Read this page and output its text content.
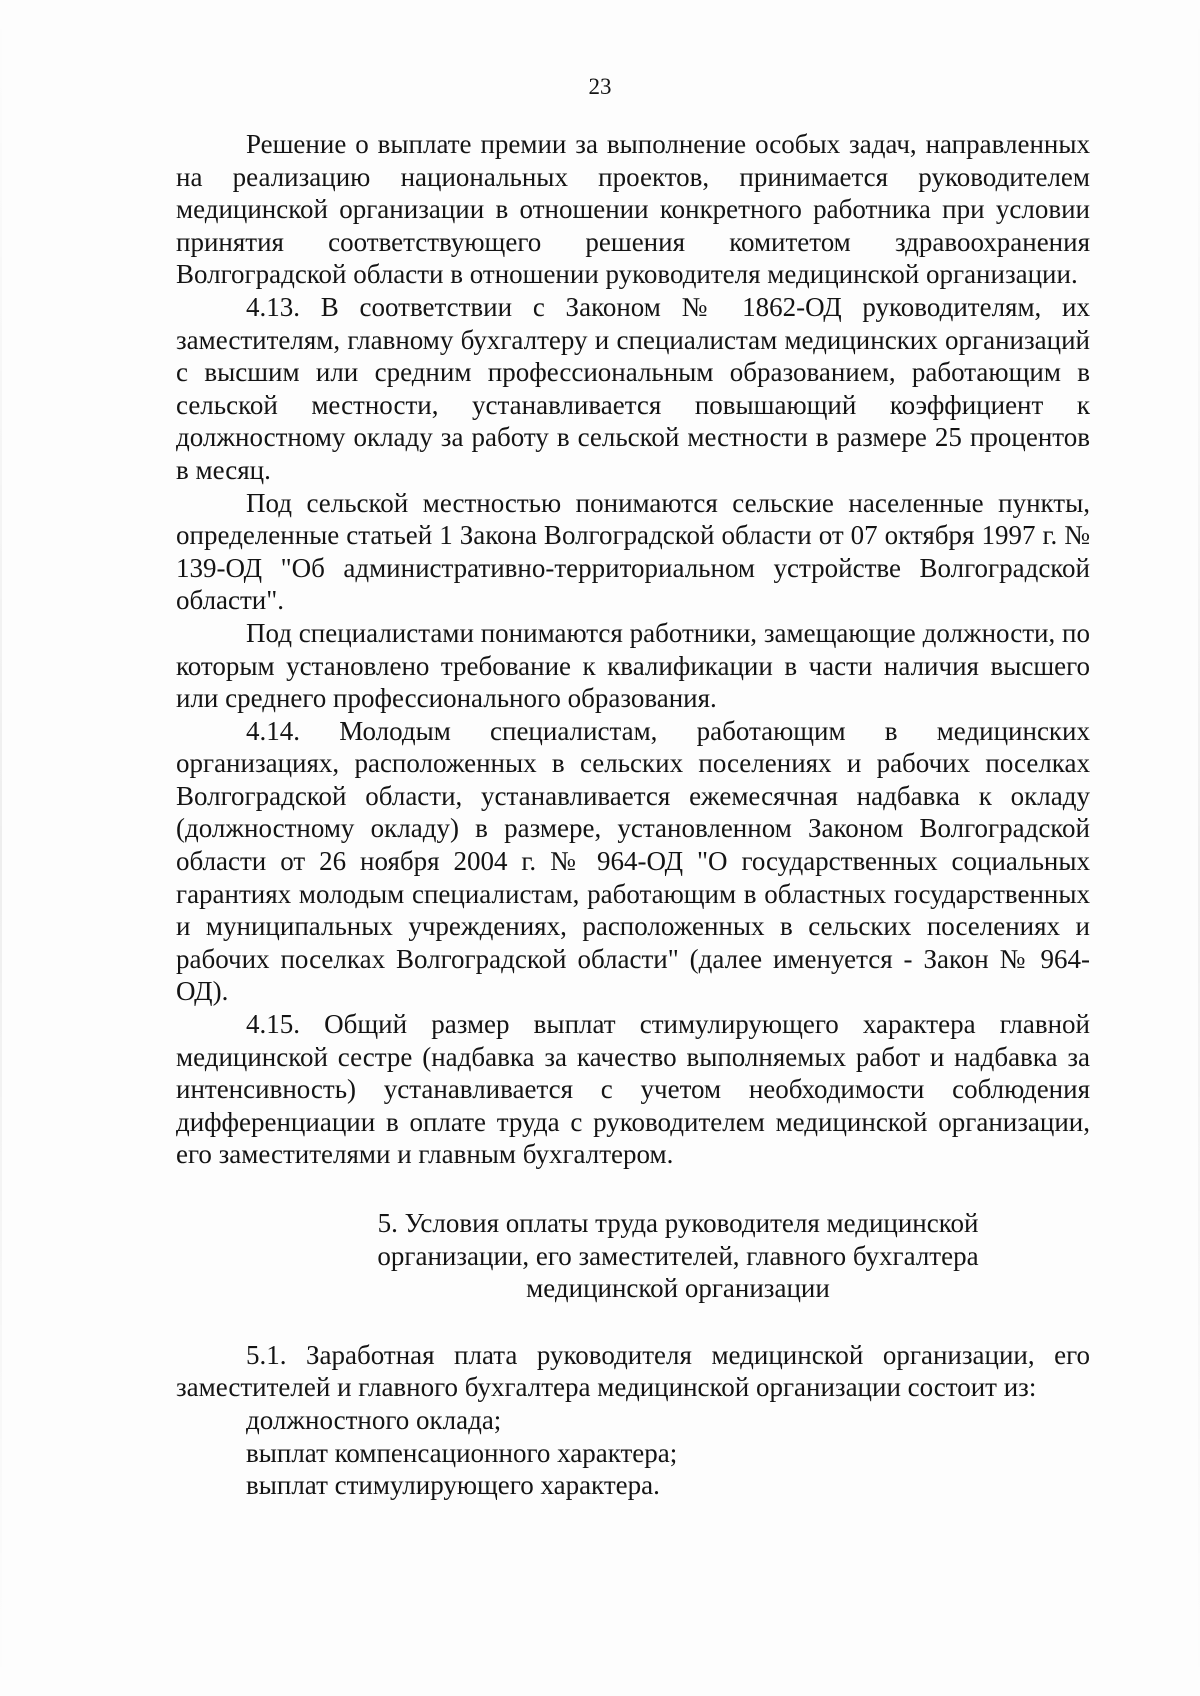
23

Решение о выплате премии за выполнение особых задач, направленных на реализацию национальных проектов, принимается руководителем медицинской организации в отношении конкретного работника при условии принятия соответствующего решения комитетом здравоохранения Волгоградской области в отношении руководителя медицинской организации.

4.13. В соответствии с Законом № 1862-ОД руководителям, их заместителям, главному бухгалтеру и специалистам медицинских организаций с высшим или средним профессиональным образованием, работающим в сельской местности, устанавливается повышающий коэффициент к должностному окладу за работу в сельской местности в размере 25 процентов в месяц.

Под сельской местностью понимаются сельские населенные пункты, определенные статьей 1 Закона Волгоградской области от 07 октября 1997 г. № 139-ОД "Об административно-территориальном устройстве Волгоградской области".

Под специалистами понимаются работники, замещающие должности, по которым установлено требование к квалификации в части наличия высшего или среднего профессионального образования.

4.14. Молодым специалистам, работающим в медицинских организациях, расположенных в сельских поселениях и рабочих поселках Волгоградской области, устанавливается ежемесячная надбавка к окладу (должностному окладу) в размере, установленном Законом Волгоградской области от 26 ноября 2004 г. № 964-ОД "О государственных социальных гарантиях молодым специалистам, работающим в областных государственных и муниципальных учреждениях, расположенных в сельских поселениях и рабочих поселках Волгоградской области" (далее именуется - Закон № 964-ОД).

4.15. Общий размер выплат стимулирующего характера главной медицинской сестре (надбавка за качество выполняемых работ и надбавка за интенсивность) устанавливается с учетом необходимости соблюдения дифференциации в оплате труда с руководителем медицинской организации, его заместителями и главным бухгалтером.

5. Условия оплаты труда руководителя медицинской
организации, его заместителей, главного бухгалтера
медицинской организации

5.1. Заработная плата руководителя медицинской организации, его заместителей и главного бухгалтера медицинской организации состоит из:

должностного оклада;

выплат компенсационного характера;

выплат стимулирующего характера.
